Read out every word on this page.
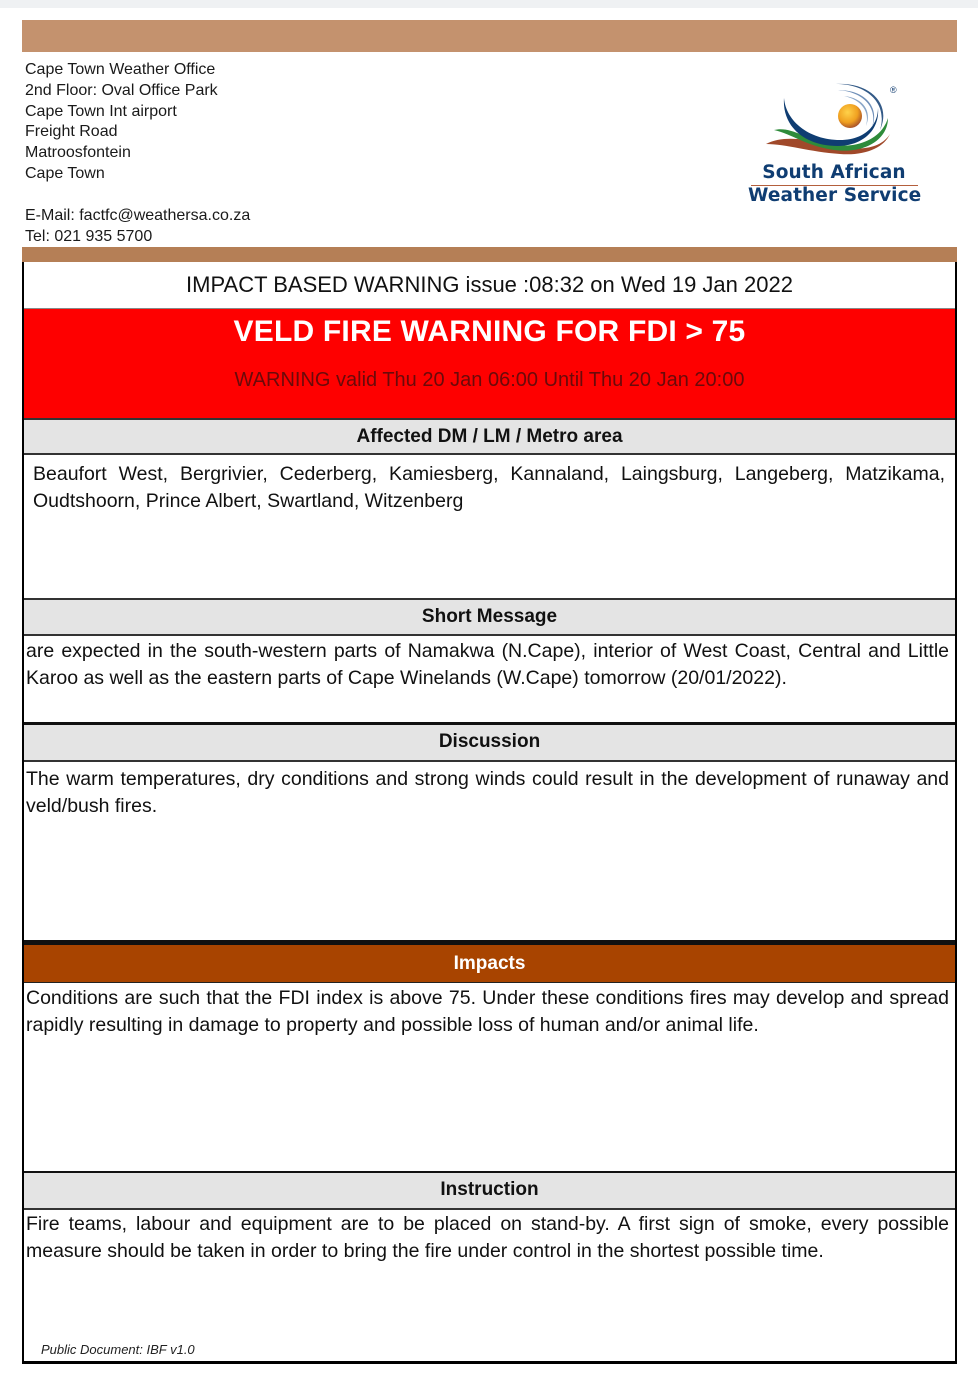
Cape Town Weather Office
2nd Floor: Oval Office Park
Cape Town Int airport
Freight Road
Matroosfontein
Cape Town
E-Mail: factfc@weathersa.co.za
Tel: 021 935 5700
®
South African
Weather Service
IMPACT BASED WARNING issue :08:32 on Wed 19 Jan 2022
VELD FIRE WARNING FOR FDI > 75
WARNING valid Thu 20 Jan 06:00 Until Thu 20 Jan 20:00
Affected DM / LM / Metro area
Beaufort West, Bergrivier, Cederberg, Kamiesberg, Kannaland, Laingsburg, Langeberg, Matzikama, Oudtshoorn, Prince Albert, Swartland, Witzenberg
Short Message
are expected in the south-western parts of Namakwa (N.Cape), interior of West Coast, Central and Little Karoo as well as the eastern parts of Cape Winelands (W.Cape) tomorrow (20/01/2022).
Discussion
The warm temperatures, dry conditions and strong winds could result in the development of runaway and veld/bush fires.
Impacts
Conditions are such that the FDI index is above 75. Under these conditions fires may develop and spread rapidly resulting in damage to property and possible loss of human and/or animal life.
Instruction
Fire teams, labour and equipment are to be placed on stand-by. A first sign of smoke, every possible measure should be taken in order to bring the fire under control in the shortest possible time.
Public Document: IBF v1.0
